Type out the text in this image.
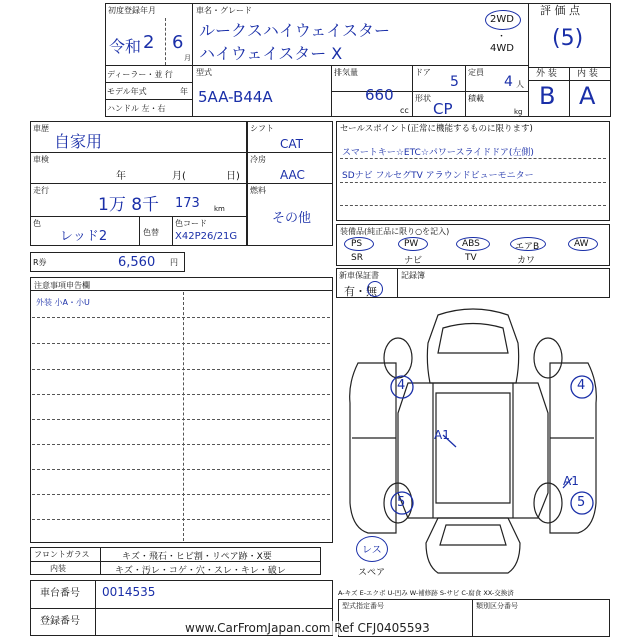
初度登録年月
令和 2 6
月
車名・グレード
ルークスハイウェイスター
ハイウェイスター X
2WD
・
4WD
評 価 点
(5)
ディーラー・並 行
モデル年式	年
ハンドル 左・右
型式
5AA-B44A
排気量
660
cc
ドア
5
形状
CP
定員
4 人
積載
kg
外 装 内 装
B A
車歴
自家用
車検
年	月(	日)
走行
1万 8千 173 km
色
レッド2	色替
色コード
X42P26/21G
シフト
CAT
冷房
AAC
燃料
その他
R券	6,560 円
セールスポイント(正常に機能するものに限ります)
スマートキー☆ETC☆パワースライドドア(左側)
SDナビ フルセグTV アラウンドビューモニター
装備品(純正品に限り○を記入)
PS	PW	ABS	エアB	AW
SR	ナビ	TV	カワ
新車保証書
有・無
記録簿
注意事項申告欄
外装 小A・小U
4	4
A1
A1
5	5
レス
スペア
フロントガラス	キズ・飛石・ヒビ割・リペア跡・X要
内装	キズ・汚レ・コゲ・穴・スレ・キレ・破レ
車台番号 0014535
登録番号
A-キズ E-エクボ U-凹み W-補修跡 S-サビ C-腐食 XX-交換済
型式指定番号	類別区分番号
www.CarFromJapan.com Ref CFJ0405593
